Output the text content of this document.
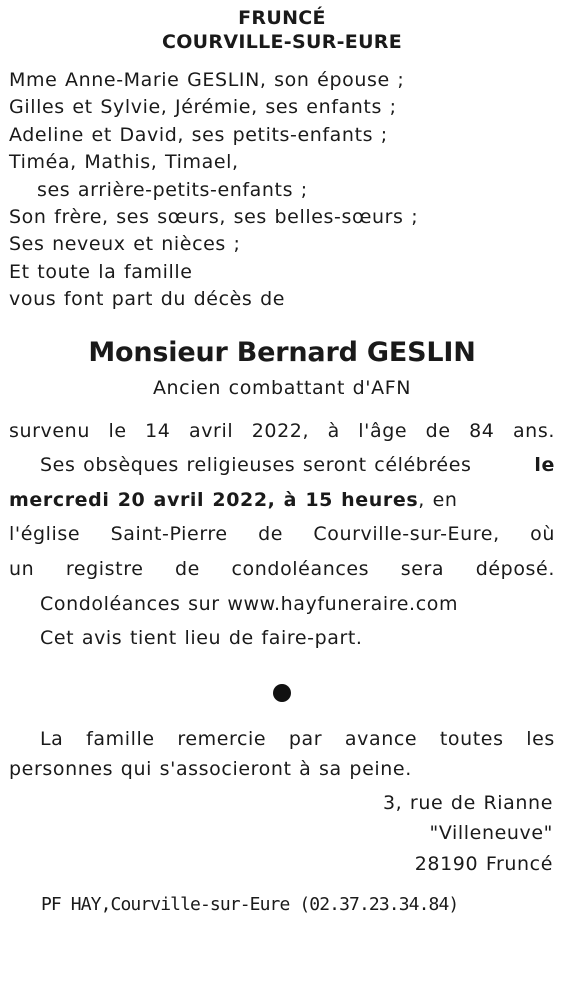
FRUNCÉ
COURVILLE-SUR-EURE
Mme Anne-Marie GESLIN, son épouse ;
Gilles et Sylvie, Jérémie, ses enfants ;
Adeline et David, ses petits-enfants ;
Timéa, Mathis, Timael,
ses arrière-petits-enfants ;
Son frère, ses sœurs, ses belles-sœurs ;
Ses neveux et nièces ;
Et toute la famille
vous font part du décès de
Monsieur Bernard GESLIN
Ancien combattant d'AFN
survenu le 14 avril 2022, à l'âge de 84 ans.
Ses obsèques religieuses seront célébrées	le
mercredi 20 avril 2022, à 15 heures, en
l'église Saint-Pierre de Courville-sur-Eure, où
un registre de condoléances sera déposé.
Condoléances sur www.hayfuneraire.com
Cet avis tient lieu de faire-part.
La famille remercie par avance toutes les
personnes qui s'associeront à sa peine.
3, rue de Rianne
"Villeneuve"
28190 Fruncé
PF HAY,Courville-sur-Eure (02.37.23.34.84)
